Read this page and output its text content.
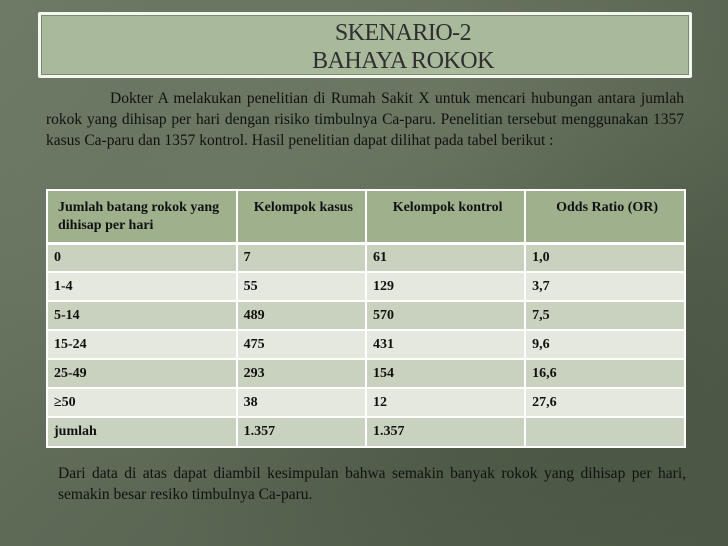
SKENARIO-2
BAHAYA ROKOK

Dokter A melakukan penelitian di Rumah Sakit X untuk mencari hubungan antara jumlah rokok yang dihisap per hari dengan risiko timbulnya Ca-paru. Penelitian tersebut menggunakan 1357 kasus Ca-paru dan 1357 kontrol. Hasil penelitian dapat dilihat pada tabel berikut :

Jumlah batang rokok yang dihisap per hari	Kelompok kasus	Kelompok kontrol	Odds Ratio (OR)
0	7	61	1,0
1-4	55	129	3,7
5-14	489	570	7,5
15-24	475	431	9,6
25-49	293	154	16,6
≥50	38	12	27,6
jumlah	1.357	1.357	

Dari data di atas dapat diambil kesimpulan bahwa semakin banyak rokok yang dihisap per hari, semakin besar resiko timbulnya Ca-paru.
